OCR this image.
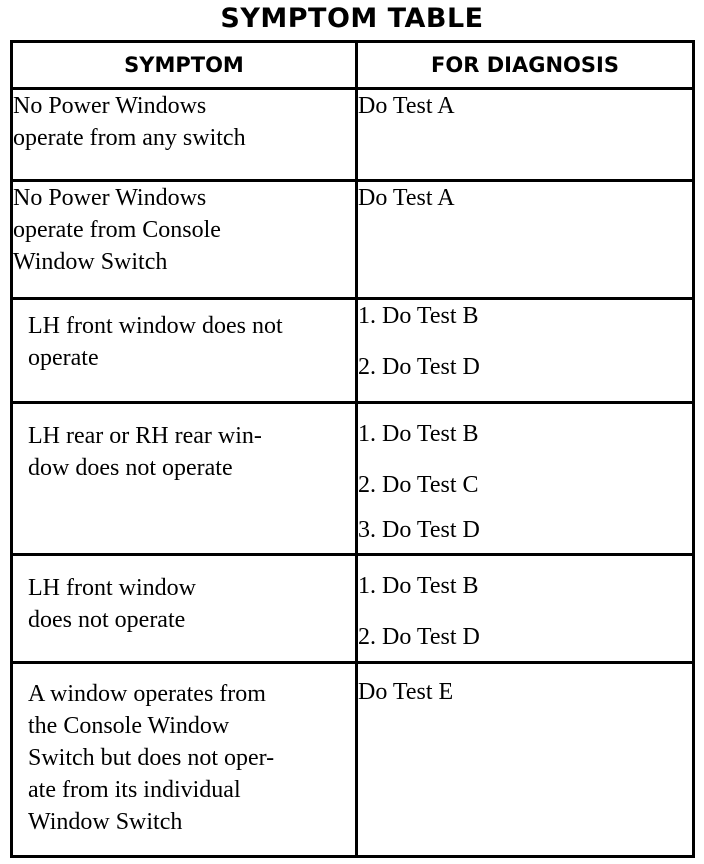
SYMPTOM TABLE
SYMPTOM	FOR DIAGNOSIS

No Power Windows
operate from any switch	Do Test A

No Power Windows
operate from Console
Window Switch	Do Test A

LH front window does not
operate	1. Do Test B
2. Do Test D

LH rear or RH rear win-
dow does not operate	1. Do Test B
2. Do Test C
3. Do Test D

LH front window
does not operate	1. Do Test B
2. Do Test D

A window operates from
the Console Window
Switch but does not oper-
ate from its individual
Window Switch	Do Test E
